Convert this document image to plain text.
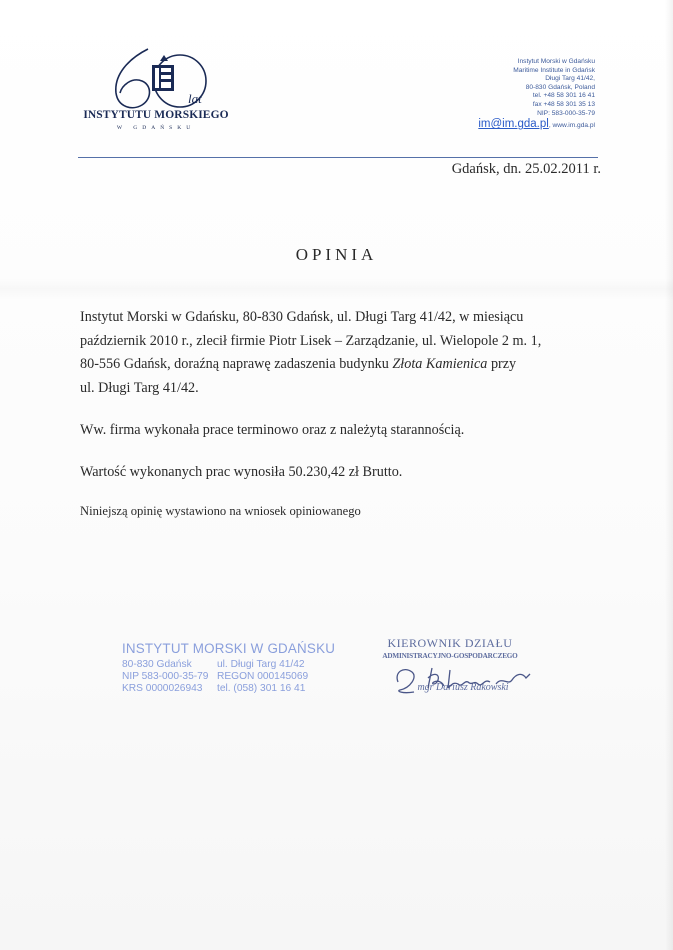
lat
INSTYTUTU MORSKIEGO
W GDAŃSKU
Instytut Morski w Gdańsku
Maritime Institute in Gdańsk
Długi Targ 41/42,
80-830 Gdańsk, Poland
tel. +48 58 301 16 41
fax +48 58 301 35 13
NIP: 583-000-35-79
im@im.gda.pl, www.im.gda.pl
Gdańsk, dn. 25.02.2011 r.
OPINIA

Instytut Morski w Gdańsku, 80-830 Gdańsk, ul. Długi Targ 41/42, w miesiącu
październik 2010 r., zlecił firmie Piotr Lisek – Zarządzanie, ul. Wielopole 2 m. 1,
80-556 Gdańsk, doraźną naprawę zadaszenia budynku Złota Kamienica przy
ul. Długi Targ 41/42.

Ww. firma wykonała prace terminowo oraz z należytą starannością.

Wartość wykonanych prac wynosiła 50.230,42 zł Brutto.

Niniejszą opinię wystawiono na wniosek opiniowanego

INSTYTUT MORSKI W GDAŃSKU
80-830 Gdańsk	ul. Długi Targ 41/42
NIP 583-000-35-79 REGON 000145069
KRS 0000026943	tel. (058) 301 16 41
KIEROWNIK DZIAŁU
ADMINISTRACYJNO-GOSPODARCZEGO
mgr Dariusz Rakowski
